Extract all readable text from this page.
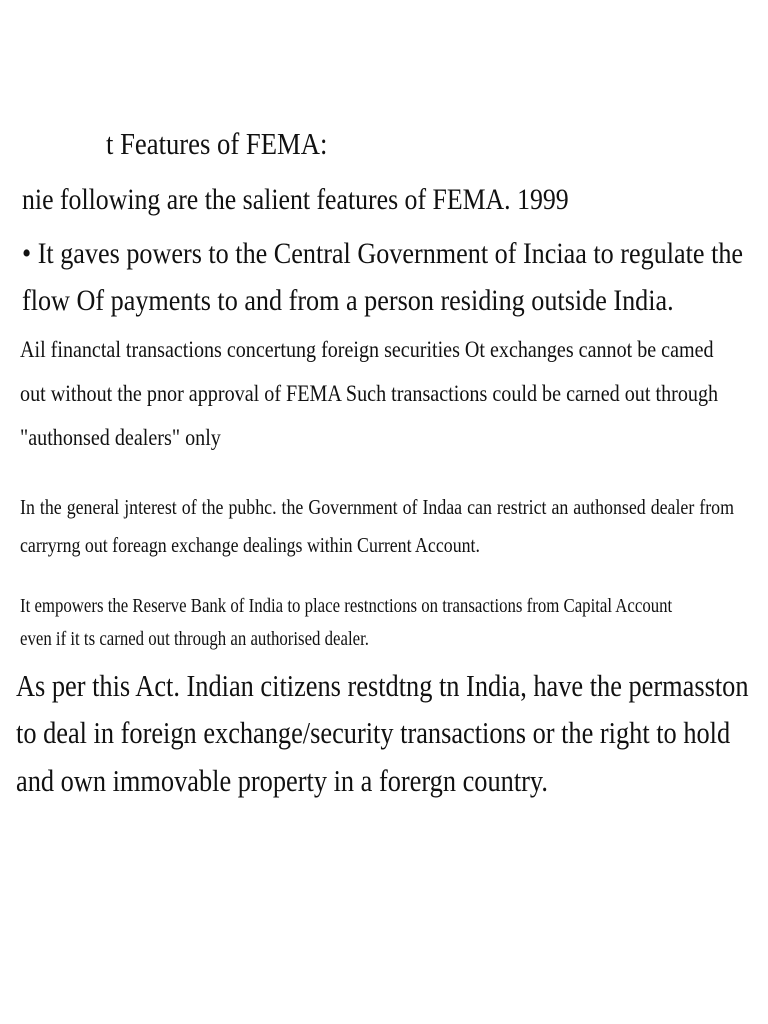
t Features of FEMA:
nie following are the salient features of FEMA. 1999
• It gaves powers to the Central Government of Inciaa to regulate the
flow Of payments to and from a person residing outside India.
Ail financtal transactions concertung foreign securities Ot exchanges cannot be camed
out without the pnor approval of FEMA Such transactions could be carned out through
"authonsed dealers" only

In the general jnterest of the pubhc. the Government of Indaa can restrict an authonsed dealer from carryrng out foreagn exchange dealings within Current Account.

It empowers the Reserve Bank of India to place restnctions on transactions from Capital Account
even if it ts carned out through an authorised dealer.
As per this Act. Indian citizens restdtng tn India, have the permasston
to deal in foreign exchange/security transactions or the right to hold
and own immovable property in a forergn country.
